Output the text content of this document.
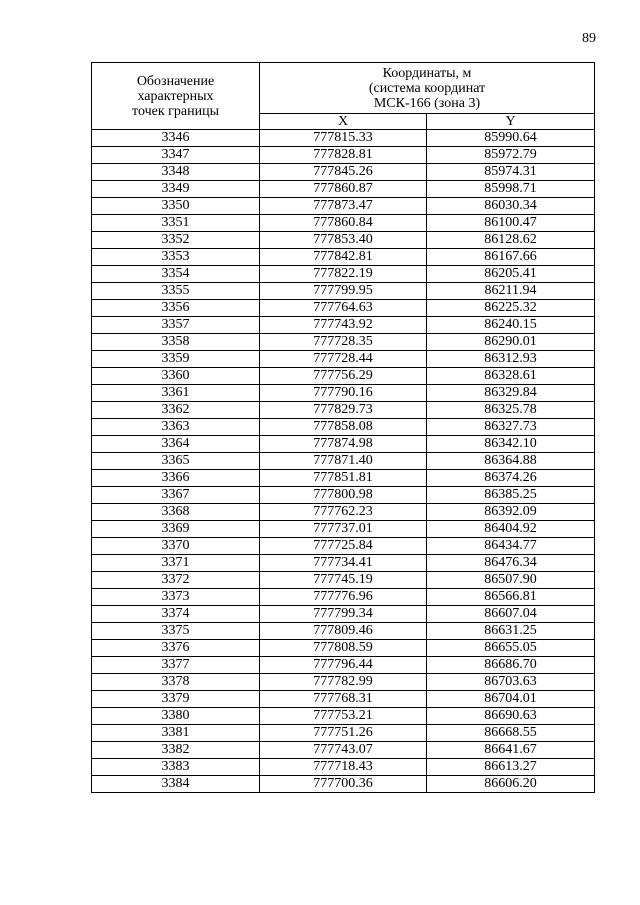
89
Обозначение
характерных
точек границы	Координаты, м
(система координат
МСК-166 (зона 3)	

	X	Y
3346	777815.33	85990.64
3347	777828.81	85972.79
3348	777845.26	85974.31
3349	777860.87	85998.71
3350	777873.47	86030.34
3351	777860.84	86100.47
3352	777853.40	86128.62
3353	777842.81	86167.66
3354	777822.19	86205.41
3355	777799.95	86211.94
3356	777764.63	86225.32
3357	777743.92	86240.15
3358	777728.35	86290.01
3359	777728.44	86312.93
3360	777756.29	86328.61
3361	777790.16	86329.84
3362	777829.73	86325.78
3363	777858.08	86327.73
3364	777874.98	86342.10
3365	777871.40	86364.88
3366	777851.81	86374.26
3367	777800.98	86385.25
3368	777762.23	86392.09
3369	777737.01	86404.92
3370	777725.84	86434.77
3371	777734.41	86476.34
3372	777745.19	86507.90
3373	777776.96	86566.81
3374	777799.34	86607.04
3375	777809.46	86631.25
3376	777808.59	86655.05
3377	777796.44	86686.70
3378	777782.99	86703.63
3379	777768.31	86704.01
3380	777753.21	86690.63
3381	777751.26	86668.55
3382	777743.07	86641.67
3383	777718.43	86613.27
3384	777700.36	86606.20
